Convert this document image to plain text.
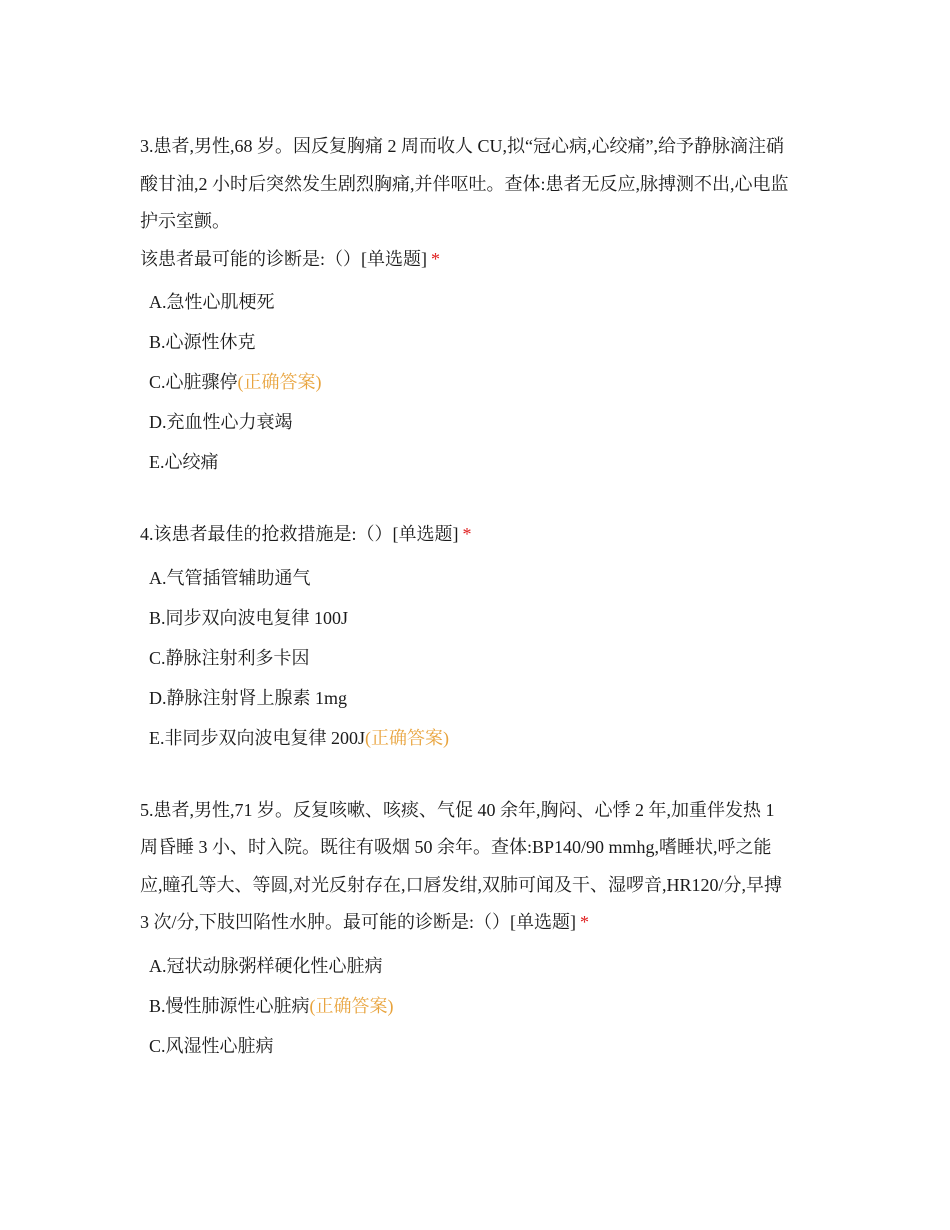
3.患者,男性,68 岁。因反复胸痛 2 周而收人 CU,拟“冠心病,心绞痛”,给予静脉滴注硝
酸甘油,2 小时后突然发生剧烈胸痛,并伴呕吐。查体:患者无反应,脉搏测不出,心电监
护示室颤。

该患者最可能的诊断是:（）[单选题] *

A.急性心肌梗死
B.心源性休克
C.心脏骤停(正确答案)
D.充血性心力衰竭
E.心绞痛

4.该患者最佳的抢救措施是:（）[单选题] *

A.气管插管辅助通气
B.同步双向波电复律 100J
C.静脉注射利多卡因
D.静脉注射肾上腺素 1mg
E.非同步双向波电复律 200J(正确答案)

5.患者,男性,71 岁。反复咳嗽、咳痰、气促 40 余年,胸闷、心悸 2 年,加重伴发热 1
周昏睡 3 小、时入院。既往有吸烟 50 余年。查体:BP140/90 mmhg,嗜睡状,呼之能
应,瞳孔等大、等圆,对光反射存在,口唇发绀,双肺可闻及干、湿啰音,HR120/分,早搏

3 次/分,下肢凹陷性水肿。最可能的诊断是:（）[单选题] *

A.冠状动脉粥样硬化性心脏病
B.慢性肺源性心脏病(正确答案)
C.风湿性心脏病
